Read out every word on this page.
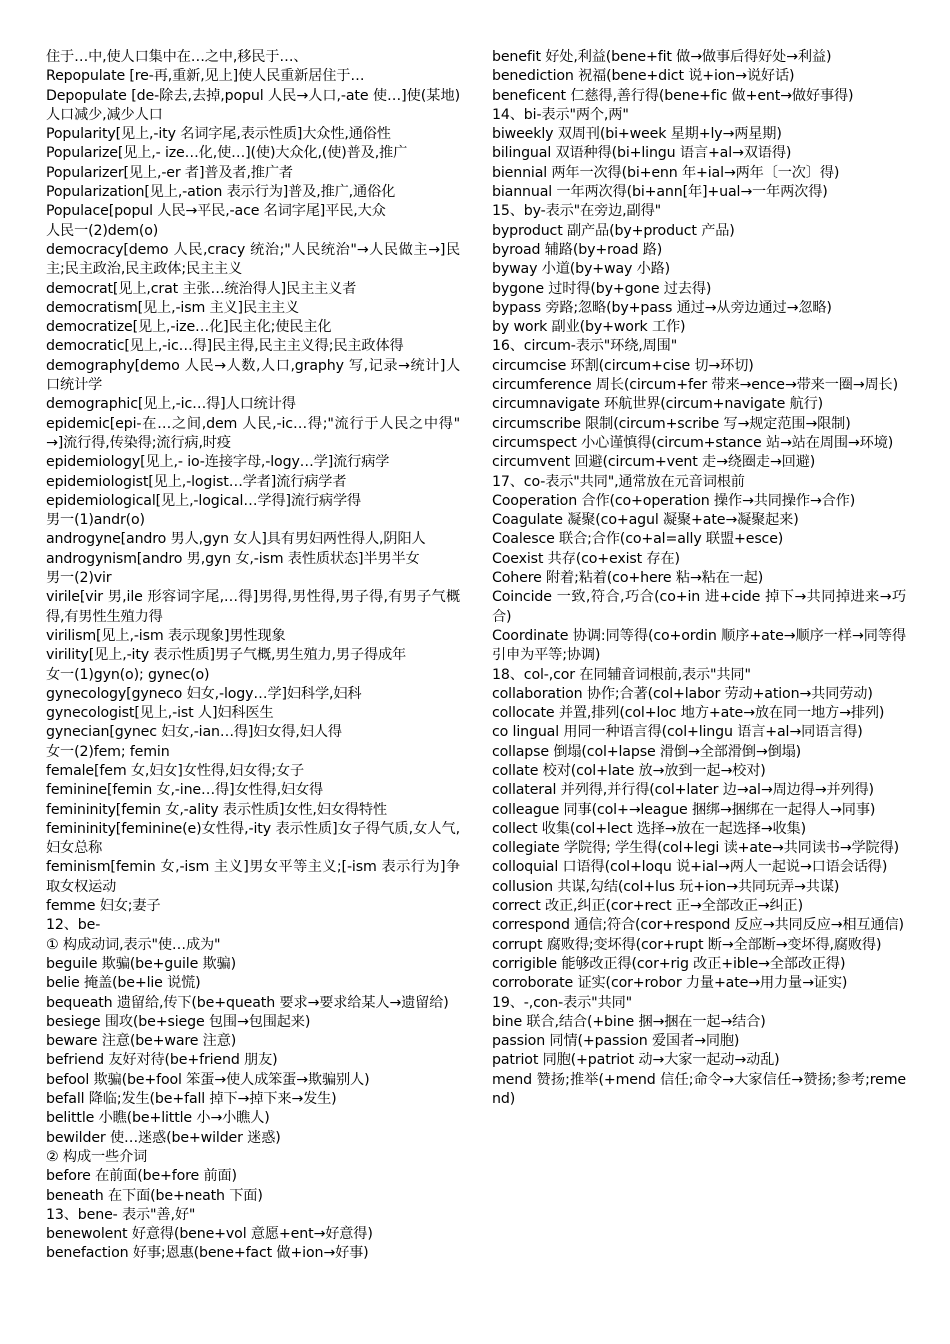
住于…中,使人口集中在…之中,移民于…、

Repopulate [re-再,重新,见上]使人民重新居住于…

Depopulate [de-除去,去掉,popul 人民→人口,-ate 使…]使(某地)人口减少,减少人口

Popularity[见上,-ity 名词字尾,表示性质]大众性,通俗性

Popularize[见上,- ize…化,使…](使)大众化,(使)普及,推广

Popularizer[见上,-er 者]普及者,推广者

Popularization[见上,-ation 表示行为]普及,推广,通俗化

Populace[popul 人民→平民,-ace 名词字尾]平民,大众

人民一(2)dem(o)

democracy[demo 人民,cracy 统治;"人民统治"→人民做主→]民主;民主政治,民主政体;民主主义

democrat[见上,crat 主张…统治得人]民主主义者

democratism[见上,-ism 主义]民主主义

democratize[见上,-ize…化]民主化;使民主化

democratic[见上,-ic…得]民主得,民主主义得;民主政体得

demography[demo 人民→人数,人口,graphy 写,记录→统计]人口统计学

demographic[见上,-ic…得]人口统计得

epidemic[epi-在…之间,dem 人民,-ic…得;"流行于人民之中得" →]流行得,传染得;流行病,时疫

epidemiology[见上,- io-连接字母,-logy…学]流行病学

epidemiologist[见上,-logist…学者]流行病学者

epidemiological[见上,-logical…学得]流行病学得

男一(1)andr(o)

androgyne[andro 男人,gyn 女人]具有男妇两性得人,阴阳人

androgynism[andro 男,gyn 女,-ism 表性质状态]半男半女

男一(2)vir

virile[vir 男,ile 形容词字尾,…得]男得,男性得,男子得,有男子气概得,有男性生殖力得

virilism[见上,-ism 表示现象]男性现象

virility[见上,-ity 表示性质]男子气概,男生殖力,男子得成年

女一(1)gyn(o); gynec(o)

gynecology[gyneco 妇女,-logy…学]妇科学,妇科

gynecologist[见上,-ist 人]妇科医生

gynecian[gynec 妇女,-ian…得]妇女得,妇人得

女一(2)fem; femin

female[fem 女,妇女]女性得,妇女得;女子

feminine[femin 女,-ine…得]女性得,妇女得

femininity[femin 女,-ality 表示性质]女性,妇女得特性

femininity[feminine(e)女性得,-ity 表示性质]女子得气质,女人气,妇女总称

feminism[femin 女,-ism 主义]男女平等主义;[-ism 表示行为]争取女权运动

femme 妇女;妻子

12、be-

① 构成动词,表示"使…成为"

beguile 欺骗(be+guile 欺骗)

belie 掩盖(be+lie 说慌)

bequeath 遗留给,传下(be+queath 要求→要求给某人→遗留给)

besiege 围攻(be+siege 包围→包围起来)

beware 注意(be+ware 注意)

befriend 友好对待(be+friend 朋友)

befool 欺骗(be+fool 笨蛋→使人成笨蛋→欺骗别人)

befall 降临;发生(be+fall 掉下→掉下来→发生)

belittle 小瞧(be+little 小→小瞧人)

bewilder 使…迷惑(be+wilder 迷惑)

② 构成一些介词

before 在前面(be+fore 前面)

beneath 在下面(be+neath 下面)

13、bene- 表示"善,好"

benewolent 好意得(bene+vol 意愿+ent→好意得)

benefaction 好事;恩惠(bene+fact 做+ion→好事)

benefit 好处,利益(bene+fit 做→做事后得好处→利益)

benediction 祝福(bene+dict 说+ion→说好话)

beneficent 仁慈得,善行得(bene+fic 做+ent→做好事得)

14、bi-表示"两个,两"

biweekly 双周刊(bi+week 星期+ly→两星期)

bilingual 双语种得(bi+lingu 语言+al→双语得)

biennial 两年一次得(bi+enn 年+ial→两年〔一次〕得)

biannual 一年两次得(bi+ann[年]+ual→一年两次得)

15、by-表示"在旁边,副得"

byproduct 副产品(by+product 产品)

byroad 辅路(by+road 路)

byway 小道(by+way 小路)

bygone 过时得(by+gone 过去得)

bypass 旁路;忽略(by+pass 通过→从旁边通过→忽略)

by work 副业(by+work 工作)

16、circum-表示"环绕,周围"

circumcise 环割(circum+cise 切→环切)

circumference 周长(circum+fer 带来→ence→带来一圈→周长)

circumnavigate 环航世界(circum+navigate 航行)

circumscribe 限制(circum+scribe 写→规定范围→限制)

circumspect 小心谨慎得(circum+stance 站→站在周围→环境)

circumvent 回避(circum+vent 走→绕圈走→回避)

17、co-表示"共同",通常放在元音词根前

Cooperation 合作(co+operation 操作→共同操作→合作)

Coagulate 凝聚(co+agul 凝聚+ate→凝聚起来)

Coalesce 联合;合作(co+al=ally 联盟+esce)

Coexist 共存(co+exist 存在)

Cohere 附着;粘着(co+here 粘→粘在一起)

Coincide 一致,符合,巧合(co+in 进+cide 掉下→共同掉进来→巧合)

Coordinate 协调:同等得(co+ordin 顺序+ate→顺序一样→同等得引申为平等;协调)

18、col-,cor 在同辅音词根前,表示"共同"

collaboration 协作;合著(col+labor 劳动+ation→共同劳动)

collocate 并置,排列(col+loc 地方+ate→放在同一地方→排列)

co lingual 用同一种语言得(col+lingu 语言+al→同语言得)

collapse 倒塌(col+lapse 滑倒→全部滑倒→倒塌)

collate 校对(col+late 放→放到一起→校对)

collateral 并列得,并行得(col+later 边→al→周边得→并列得)

colleague 同事(col+→league 捆绑→捆绑在一起得人→同事)

collect 收集(col+lect 选择→放在一起选择→收集)

collegiate 学院得; 学生得(col+legi 读+ate→共同读书→学院得)

colloquial 口语得(col+loqu 说+ial→两人一起说→口语会话得)

collusion 共谋,勾结(col+lus 玩+ion→共同玩弄→共谋)

correct 改正,纠正(cor+rect 正→全部改正→纠正)

correspond 通信;符合(cor+respond 反应→共同反应→相互通信)

corrupt 腐败得;变坏得(cor+rupt 断→全部断→变坏得,腐败得)

corrigible 能够改正得(cor+rig 改正+ible→全部改正得)

corroborate 证实(cor+robor 力量+ate→用力量→证实)

19、-,con-表示"共同"

bine 联合,结合(+bine 捆→捆在一起→结合)

passion 同情(+passion 爱国者→同胞)

patriot 同胞(+patriot 动→大家一起动→动乱)

mend 赞扬;推举(+mend 信任;命令→大家信任→赞扬;参考;remend)
